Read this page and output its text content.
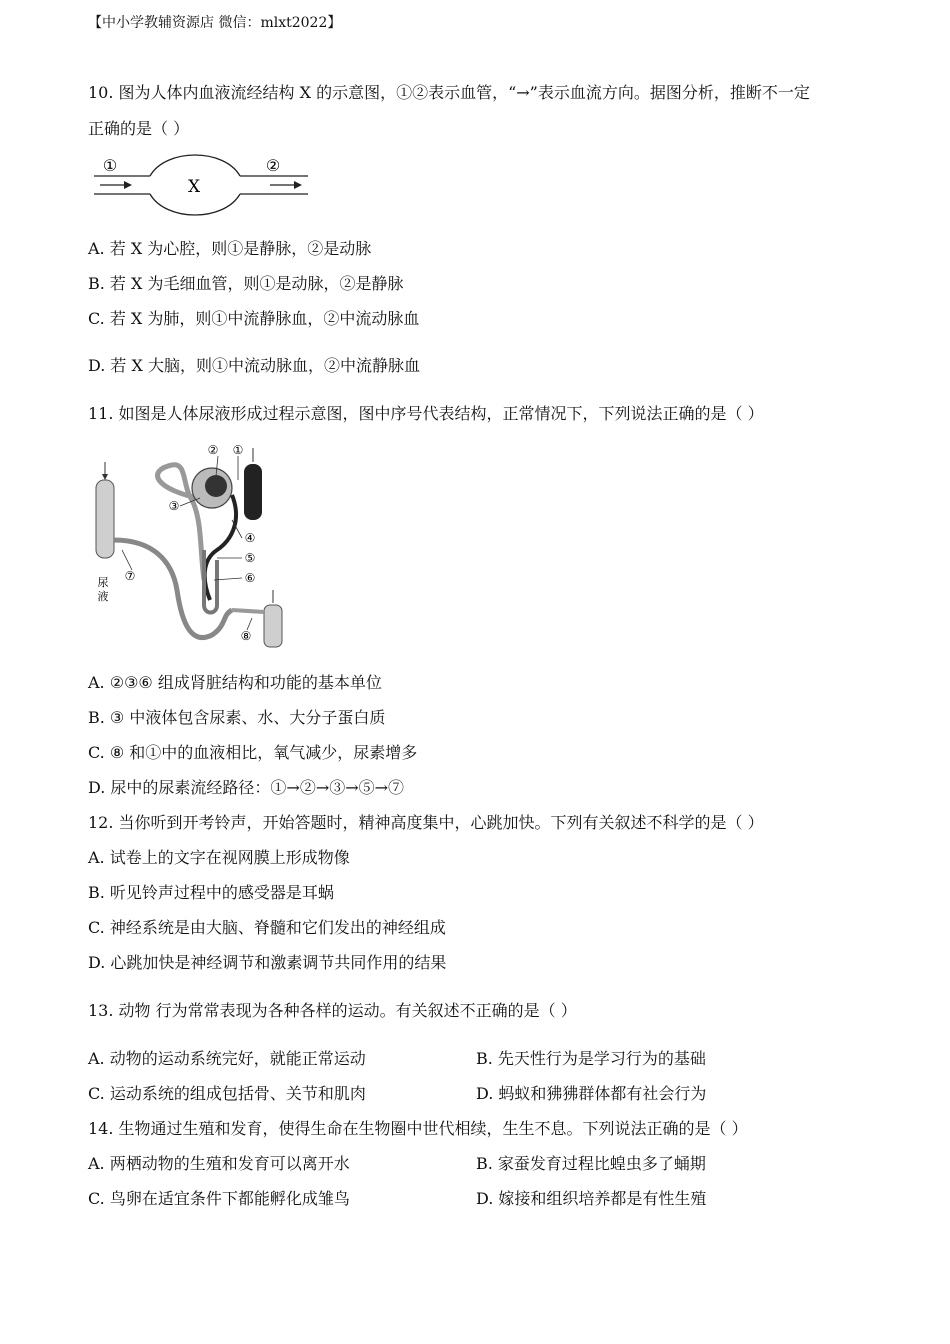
【中小学教辅资源店 微信：mlxt2022】
10. 图为人体内血液流经结构 X 的示意图，①②表示血管，“→”表示血流方向。据图分析，推断不一定
正确的是（ ）
①	②
X
A. 若 X 为心腔，则①是静脉，②是动脉
B. 若 X 为毛细血管，则①是动脉，②是静脉
C. 若 X 为肺，则①中流静脉血，②中流动脉血
D. 若 X 大脑，则①中流动脉血，②中流静脉血
11. 如图是人体尿液形成过程示意图，图中序号代表结构，正常情况下，下列说法正确的是（ ）
② ①
③
④
⑤
⑥
⑦
⑧
尿
液
A. ②③⑥ 组成肾脏结构和功能的基本单位
B. ③ 中液体包含尿素、水、大分子蛋白质
C. ⑧ 和①中的血液相比，氧气减少，尿素增多
D. 尿中的尿素流经路径：①→②→③→⑤→⑦
12. 当你听到开考铃声，开始答题时，精神高度集中，心跳加快。下列有关叙述不科学的是（ ）
A. 试卷上的文字在视网膜上形成物像
B. 听见铃声过程中的感受器是耳蜗
C. 神经系统是由大脑、脊髓和它们发出的神经组成
D. 心跳加快是神经调节和激素调节共同作用的结果
13. 动物 行为常常表现为各种各样的运动。有关叙述不正确的是（ ）
A. 动物的运动系统完好，就能正常运动	B. 先天性行为是学习行为的基础
C. 运动系统的组成包括骨、关节和肌肉	D. 蚂蚁和狒狒群体都有社会行为
14. 生物通过生殖和发育，使得生命在生物圈中世代相续，生生不息。下列说法正确的是（ ）
A. 两栖动物的生殖和发育可以离开水	B. 家蚕发育过程比蝗虫多了蛹期
C. 鸟卵在适宜条件下都能孵化成雏鸟	D. 嫁接和组织培养都是有性生殖
